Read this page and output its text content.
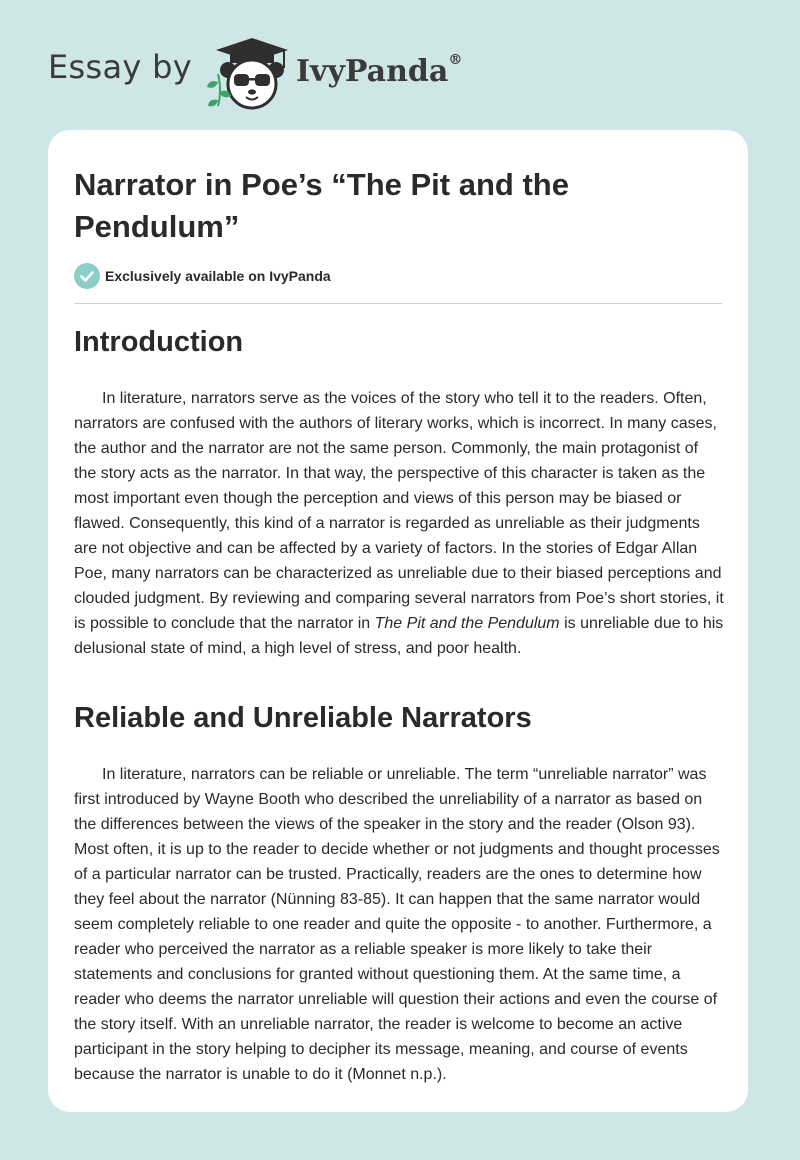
Essay by	IvyPanda®
Narrator in Poe’s “The Pit and the Pendulum”
Exclusively available on IvyPanda
Introduction

In literature, narrators serve as the voices of the story who tell it to the readers. Often, narrators are confused with the authors of literary works, which is incorrect. In many cases, the author and the narrator are not the same person. Commonly, the main protagonist of the story acts as the narrator. In that way, the perspective of this character is taken as the most important even though the perception and views of this person may be biased or flawed. Consequently, this kind of a narrator is regarded as unreliable as their judgments are not objective and can be affected by a variety of factors. In the stories of Edgar Allan Poe, many narrators can be characterized as unreliable due to their biased perceptions and clouded judgment. By reviewing and comparing several narrators from Poe’s short stories, it is possible to conclude that the narrator in The Pit and the Pendulum is unreliable due to his delusional state of mind, a high level of stress, and poor health.

Reliable and Unreliable Narrators

In literature, narrators can be reliable or unreliable. The term “unreliable narrator” was first introduced by Wayne Booth who described the unreliability of a narrator as based on the differences between the views of the speaker in the story and the reader (Olson 93). Most often, it is up to the reader to decide whether or not judgments and thought processes of a particular narrator can be trusted. Practically, readers are the ones to determine how they feel about the narrator (Nünning 83-85). It can happen that the same narrator would seem completely reliable to one reader and quite the opposite - to another. Furthermore, a reader who perceived the narrator as a reliable speaker is more likely to take their statements and conclusions for granted without questioning them. At the same time, a reader who deems the narrator unreliable will question their actions and even the course of the story itself. With an unreliable narrator, the reader is welcome to become an active participant in the story helping to decipher its message, meaning, and course of events because the narrator is unable to do it (Monnet n.p.).
